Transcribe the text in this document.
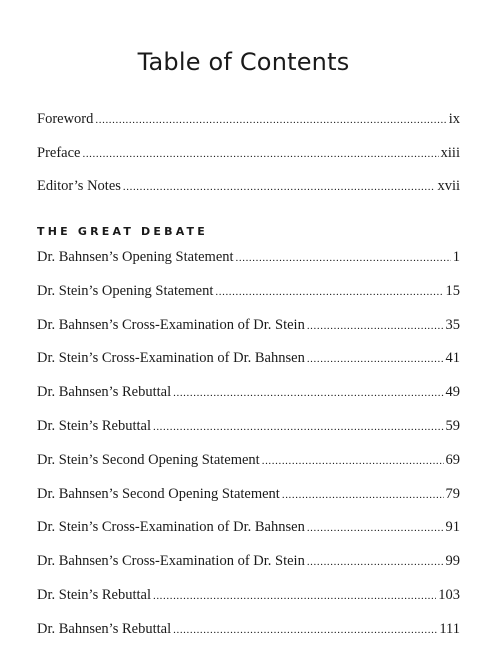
Table of Contents
Foreword .....	ix
Preface .....	xiii
Editor’s Notes .....	xvii
THE GREAT DEBATE
Dr. Bahnsen’s Opening Statement .....	1
Dr. Stein’s Opening Statement .....	15
Dr. Bahnsen’s Cross-Examination of Dr. Stein .....	35
Dr. Stein’s Cross-Examination of Dr. Bahnsen .....	41
Dr. Bahnsen’s Rebuttal .....	49
Dr. Stein’s Rebuttal .....	59
Dr. Stein’s Second Opening Statement .....	69
Dr. Bahnsen’s Second Opening Statement .....	79
Dr. Stein’s Cross-Examination of Dr. Bahnsen .....	91
Dr. Bahnsen’s Cross-Examination of Dr. Stein .....	99
Dr. Stein’s Rebuttal .....	103
Dr. Bahnsen’s Rebuttal .....	111
